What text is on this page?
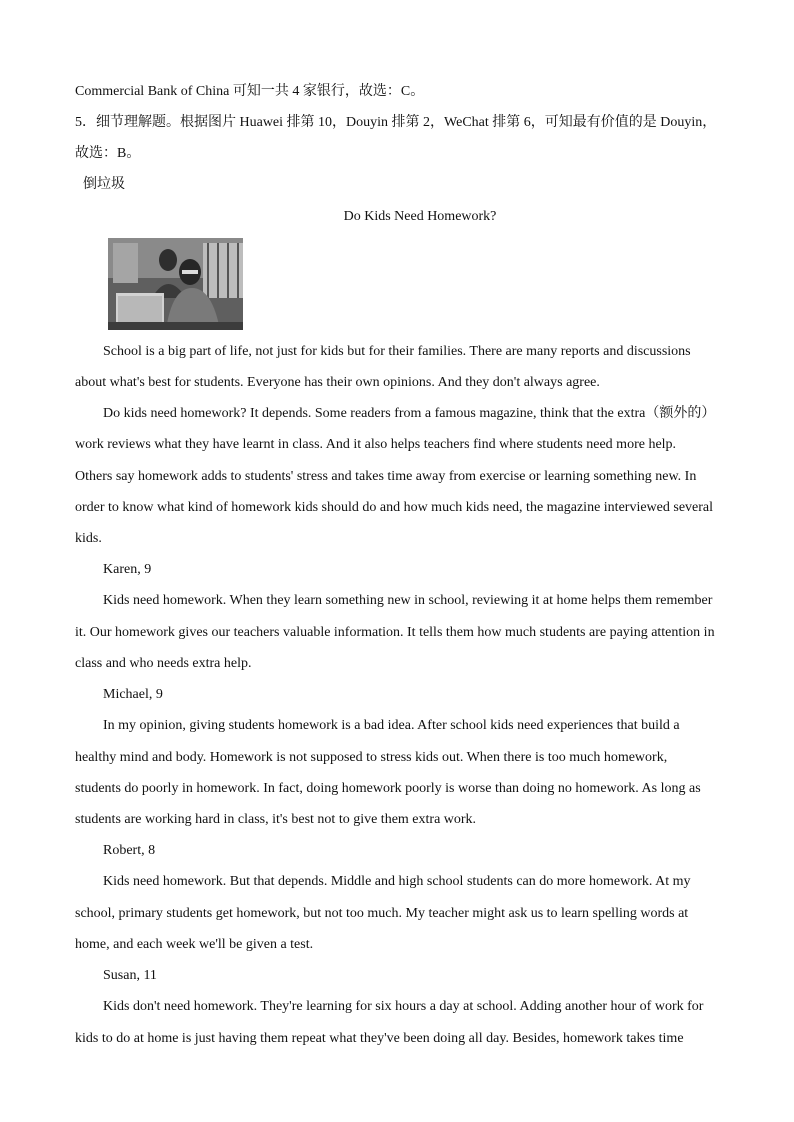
Commercial Bank of China 可知一共 4 家银行，故选：C。
5．细节理解题。根据图片 Huawei 排第 10，Douyin 排第 2，WeChat 排第 6，可知最有价值的是 Douyin，
故选：B。
倒垃圾
Do Kids Need Homework?
School is a big part of life, not just for kids but for their families. There are many reports and discussions
about what's best for students. Everyone has their own opinions. And they don't always agree.
Do kids need homework? It depends. Some readers from a famous magazine, think that the extra（额外的）
work reviews what they have learnt in class. And it also helps teachers find where students need more help.
Others say homework adds to students' stress and takes time away from exercise or learning something new. In
order to know what kind of homework kids should do and how much kids need, the magazine interviewed several
kids.
Karen, 9
Kids need homework. When they learn something new in school, reviewing it at home helps them remember
it. Our homework gives our teachers valuable information. It tells them how much students are paying attention in
class and who needs extra help.
Michael, 9
In my opinion, giving students homework is a bad idea. After school kids need experiences that build a
healthy mind and body. Homework is not supposed to stress kids out. When there is too much homework,
students do poorly in homework. In fact, doing homework poorly is worse than doing no homework. As long as
students are working hard in class, it's best not to give them extra work.
Robert, 8
Kids need homework. But that depends. Middle and high school students can do more homework. At my
school, primary students get homework, but not too much. My teacher might ask us to learn spelling words at
home, and each week we'll be given a test.
Susan, 11
Kids don't need homework. They're learning for six hours a day at school. Adding another hour of work for
kids to do at home is just having them repeat what they've been doing all day. Besides, homework takes time
